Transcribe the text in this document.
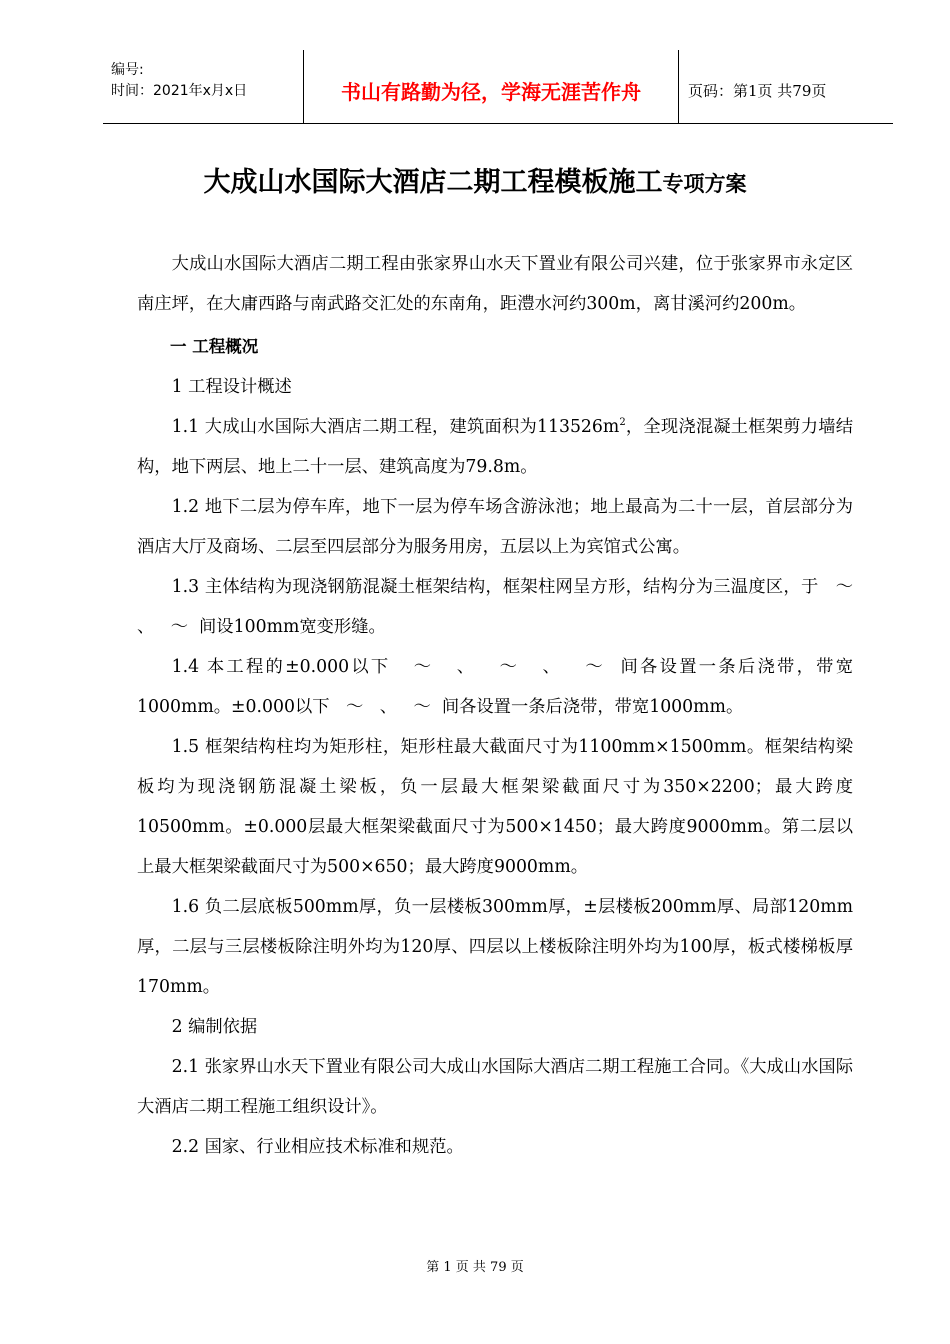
编号:
时间：2021年x月x日	书山有路勤为径，学海无涯苦作舟	页码：第1页 共79页
大成山水国际大酒店二期工程模板施工专项方案

大成山水国际大酒店二期工程由张家界山水天下置业有限公司兴建，位于张家界市永定区南庄坪，在大庸西路与南武路交汇处的东南角，距澧水河约300m，离甘溪河约200m。

一 工程概况

1 工程设计概述

1.1 大成山水国际大酒店二期工程，建筑面积为$113526m^2$，全现浇混凝土框架剪力墙结构，地下两层、地上二十一层、建筑高度为79.8m。

1.2 地下二层为停车库，地下一层为停车场含游泳池；地上最高为二十一层，首层部分为酒店大厅及商场、二层至四层部分为服务用房，五层以上为宾馆式公寓。

1.3 主体结构为现浇钢筋混凝土框架结构，框架柱网呈方形，结构分为三温度区，于   ～   、   ～  间设100mm宽变形缝。

1.4 本工程的±0.000以下   ～   、   ～   、   ～  间各设置一条后浇带，带宽1000mm。±0.000以下   ～   、   ～  间各设置一条后浇带，带宽1000mm。

1.5 框架结构柱均为矩形柱，矩形柱最大截面尺寸为1100mm×1500mm。框架结构梁板均为现浇钢筋混凝土梁板，负一层最大框架梁截面尺寸为350×2200；最大跨度10500mm。±0.000层最大框架梁截面尺寸为500×1450；最大跨度9000mm。第二层以上最大框架梁截面尺寸为500×650；最大跨度9000mm。

1.6 负二层底板500mm厚，负一层楼板300mm厚，±层楼板200mm厚、局部120mm厚，二层与三层楼板除注明外均为120厚、四层以上楼板除注明外均为100厚，板式楼梯板厚170mm。

2 编制依据

2.1 张家界山水天下置业有限公司大成山水国际大酒店二期工程施工合同。《大成山水国际大酒店二期工程施工组织设计》。

2.2 国家、行业相应技术标准和规范。

第 1 页 共 79 页
